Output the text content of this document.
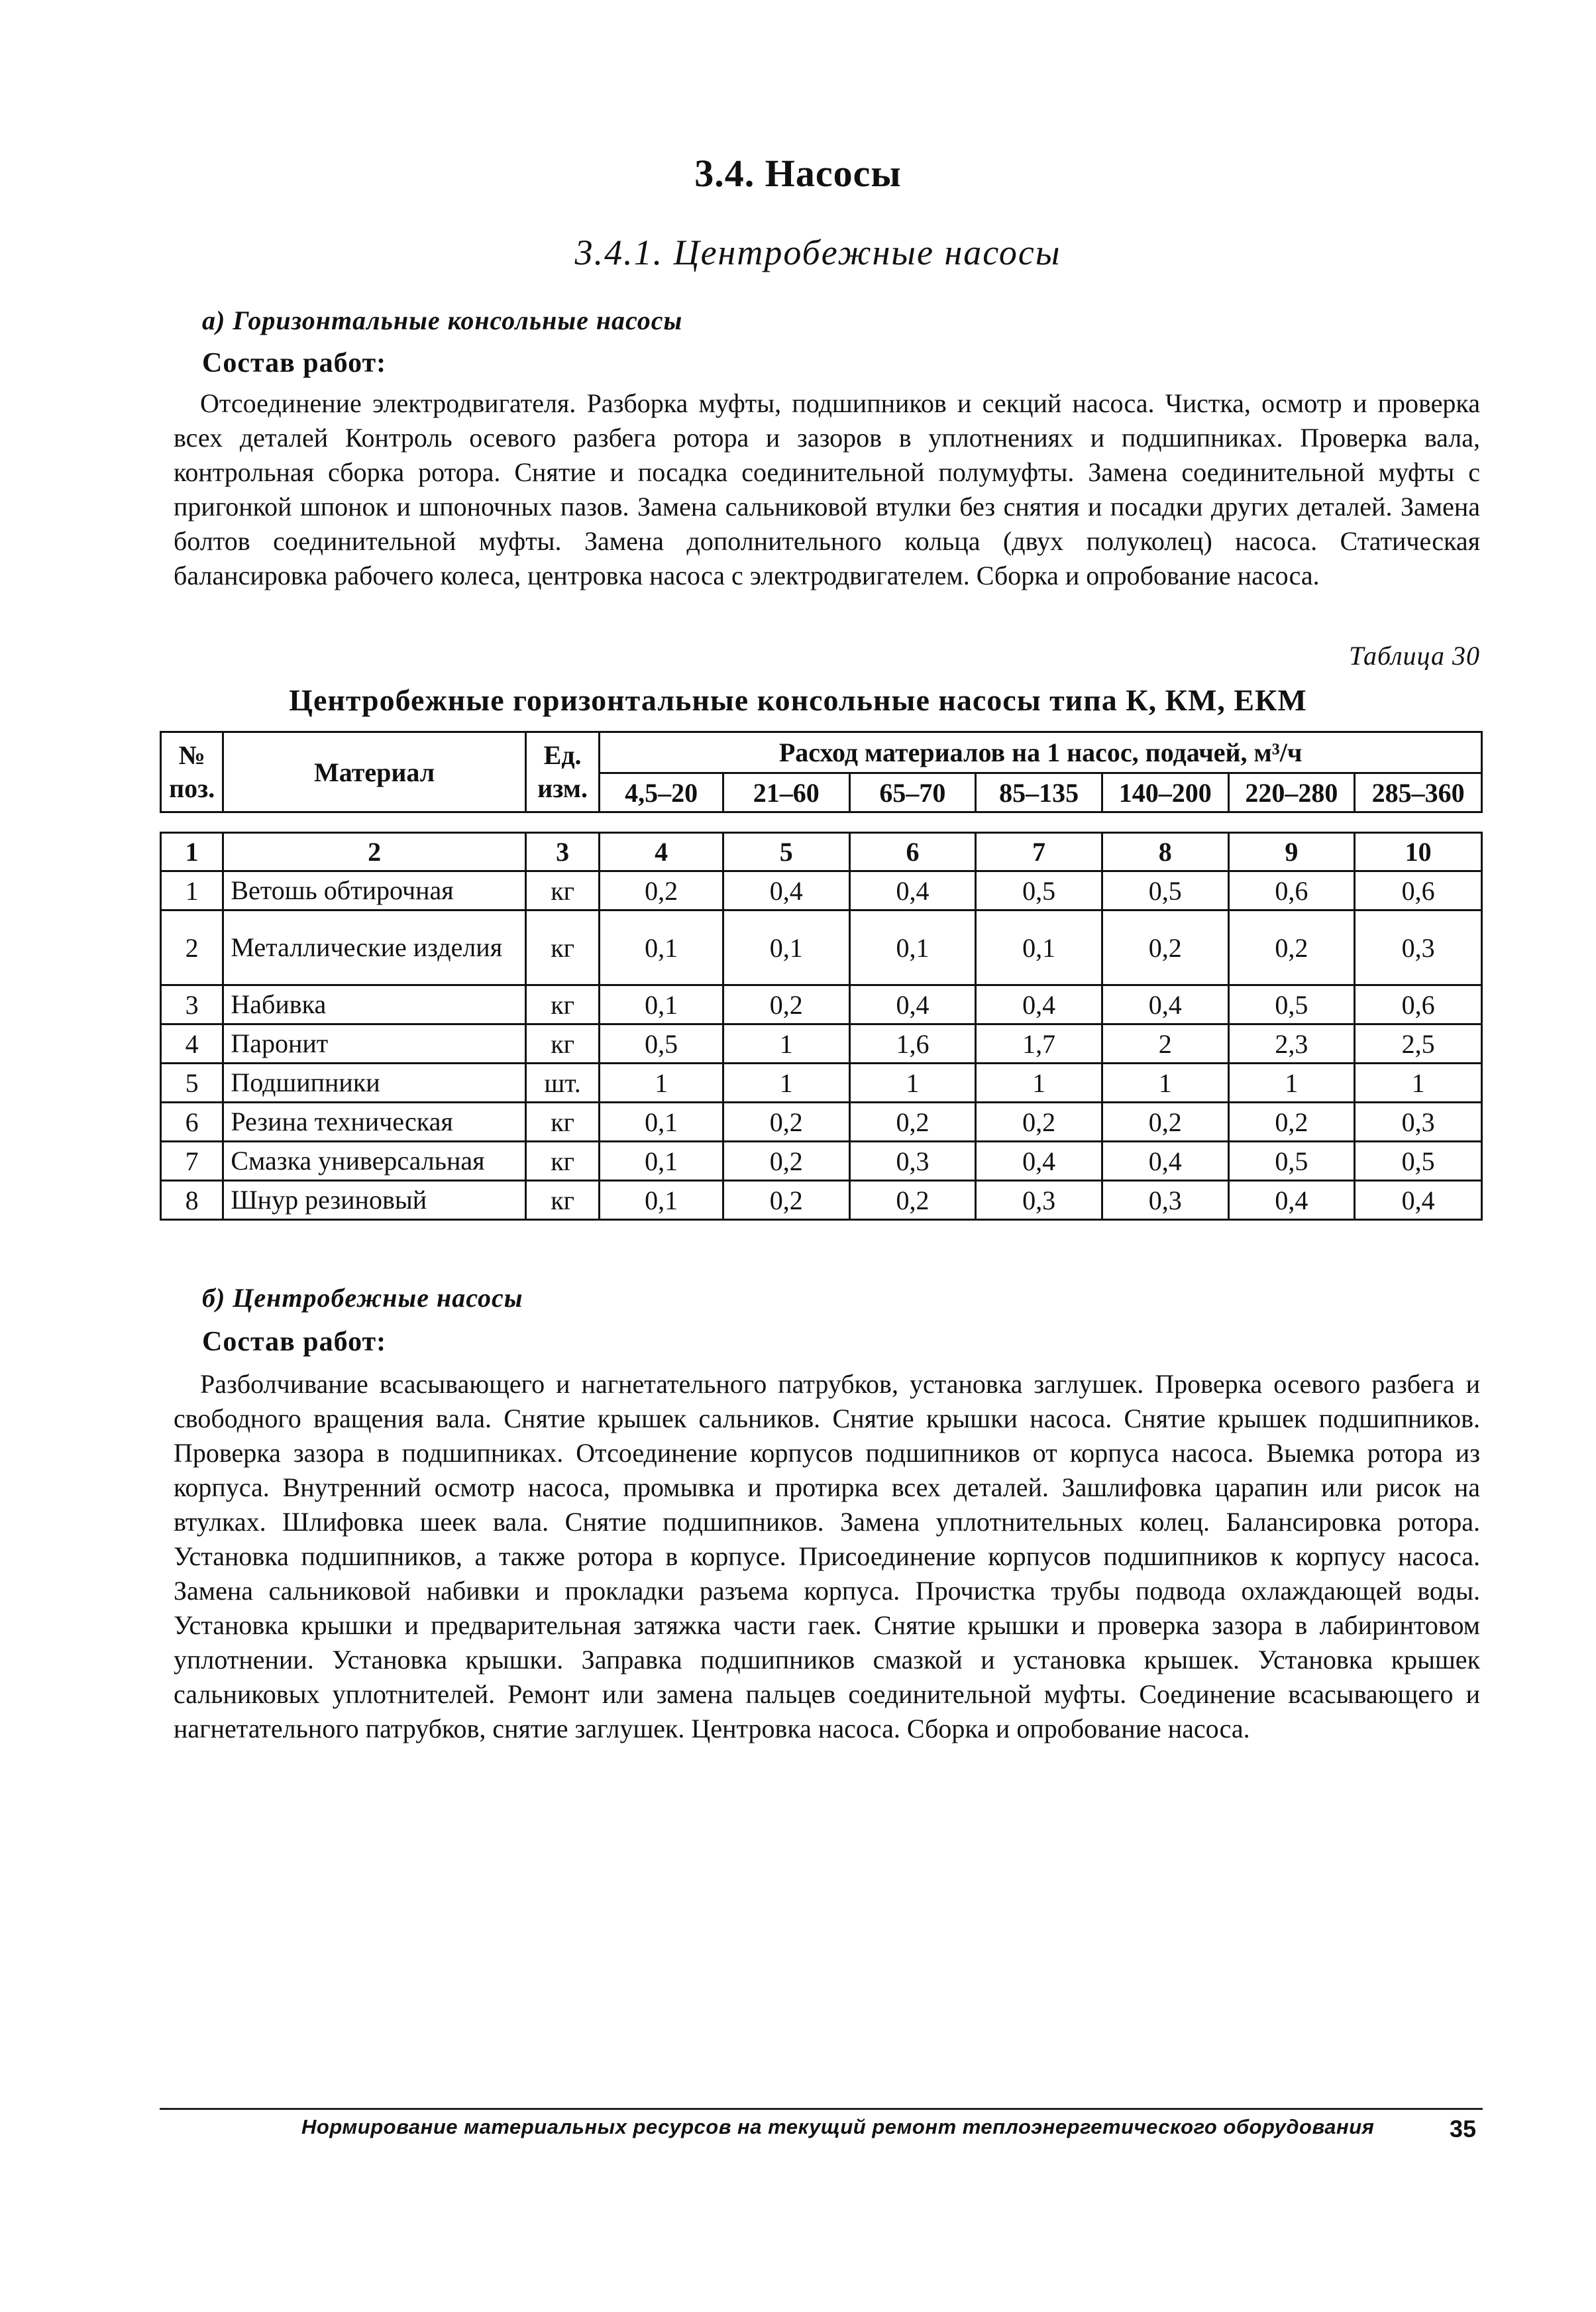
3.4. Насосы
3.4.1. Центробежные насосы
а) Горизонтальные консольные насосы
Состав работ:

Отсоединение электродвигателя. Разборка муфты, подшипников и секций насоса. Чистка, осмотр и проверка всех деталей Контроль осевого разбега ротора и зазоров в уплотнениях и подшипниках. Проверка вала, контрольная сборка ротора. Снятие и посадка соединительной полумуфты. Замена соединительной муфты с пригонкой шпонок и шпоночных пазов. Замена сальниковой втулки без снятия и посадки других деталей. Замена болтов соединительной муфты. Замена дополнительного кольца (двух полуколец) насоса. Статическая балансировка рабочего колеса, центровка насоса с электродвигателем. Сборка и опробование насоса.

Таблица 30
Центробежные горизонтальные консольные насосы типа К, КМ, ЕКМ
№ поз.	Материал	Ед. изм.	Расход материалов на 1 насос, подачей, м³/ч						
			4,5–20	21–60	65–70	85–135	140–200	220–280	285–360
1	2	3	4	5	6	7	8	9	10
1	Ветошь обтирочная	кг	0,2	0,4	0,4	0,5	0,5	0,6	0,6
2	Металлические изделия	кг	0,1	0,1	0,1	0,1	0,2	0,2	0,3
3	Набивка	кг	0,1	0,2	0,4	0,4	0,4	0,5	0,6
4	Паронит	кг	0,5	1	1,6	1,7	2	2,3	2,5
5	Подшипники	шт.	1	1	1	1	1	1	1
6	Резина техническая	кг	0,1	0,2	0,2	0,2	0,2	0,2	0,3
7	Смазка универсальная	кг	0,1	0,2	0,3	0,4	0,4	0,5	0,5
8	Шнур резиновый	кг	0,1	0,2	0,2	0,3	0,3	0,4	0,4
б) Центробежные насосы
Состав работ:

Разболчивание всасывающего и нагнетательного патрубков, установка заглушек. Проверка осевого разбега и свободного вращения вала. Снятие крышек сальников. Снятие крышки насоса. Снятие крышек подшипников. Проверка зазора в подшипниках. Отсоединение корпусов подшипников от корпуса насоса. Выемка ротора из корпуса. Внутренний осмотр насоса, промывка и протирка всех деталей. Зашлифовка царапин или рисок на втулках. Шлифовка шеек вала. Снятие подшипников. Замена уплотнительных колец. Балансировка ротора. Установка подшипников, а также ротора в корпусе. Присоединение корпусов подшипников к корпусу насоса. Замена сальниковой набивки и прокладки разъема корпуса. Прочистка трубы подвода охлаждающей воды. Установка крышки и предварительная затяжка части гаек. Снятие крышки и проверка зазора в лабиринтовом уплотнении. Установка крышки. Заправка подшипников смазкой и установка крышек. Установка крышек сальниковых уплотнителей. Ремонт или замена пальцев соединительной муфты. Соединение всасывающего и нагнетательного патрубков, снятие заглушек. Центровка насоса. Сборка и опробование насоса.

Нормирование материальных ресурсов на текущий ремонт теплоэнергетического оборудования	35
